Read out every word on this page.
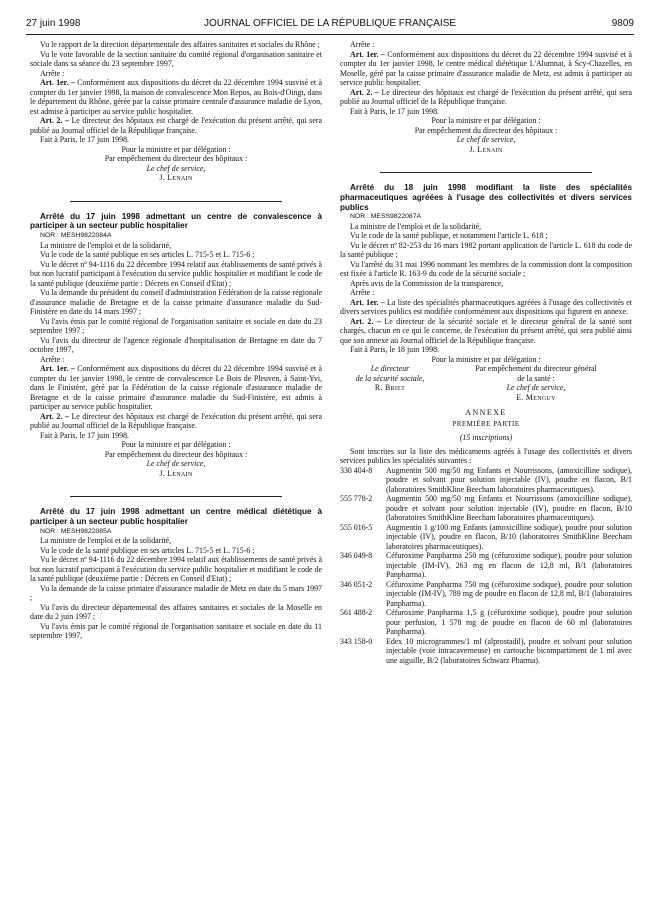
27 juin 1998	JOURNAL OFFICIEL DE LA RÉPUBLIQUE FRANÇAISE	9809

Vu le rapport de la direction départementale des affaires sanitaires et sociales du Rhône ;

Vu le vote favorable de la section sanitaire du comité régional d'organisation sanitaire et sociale dans sa séance du 23 septembre 1997,

Arrête :

Art. 1er. – Conformément aux dispositions du décret du 22 décembre 1994 susvisé et à compter du 1er janvier 1998, la maison de convalescence Mon Repos, au Bois-d'Oingt, dans le département du Rhône, gérée par la caisse primaire centrale d'assurance maladie de Lyon, est admise à participer au service public hospitalier.

Art. 2. – Le directeur des hôpitaux est chargé de l'exécution du présent arrêté, qui sera publié au Journal officiel de la République française.

Fait à Paris, le 17 juin 1998.

Pour la ministre et par délégation :
Par empêchement du directeur des hôpitaux :
Le chef de service,
J. Lenain

Arrêté du 17 juin 1998 admettant un centre de convalescence à participer à un secteur public hospitalier

NOR : MESH9822084A

La ministre de l'emploi et de la solidarité,

Vu le code de la santé publique en ses articles L. 715-5 et L. 715-6 ;

Vu le décret nº 94-1116 du 22 décembre 1994 relatif aux établissements de santé privés à but non lucratif participant à l'exécution du service public hospitalier et modifiant le code de la santé publique (deuxième partie : Décrets en Conseil d'Etat) ;

Vu la demande du président du conseil d'administration Fédération de la caisse régionale d'assurance maladie de Bretagne et de la caisse primaire d'assurance maladie du Sud-Finistère en date du 14 mars 1997 ;

Vu l'avis émis par le comité régional de l'organisation sanitaire et sociale en date du 23 septembre 1997 ;

Vu l'avis du directeur de l'agence régionale d'hospitalisation de Bretagne en date du 7 octobre 1997,

Arrête :

Art. 1er. – Conformément aux dispositions du décret du 22 décembre 1994 susvisé et à compter du 1er janvier 1998, le centre de convalescence Le Bois de Pleuven, à Saint-Yvi, dans le Finistère, géré par la Fédération de la caisse régionale d'assurance maladie de Bretagne et de la caisse primaire d'assurance maladie du Sud-Finistère, est admis à participer au service public hospitalier.

Art. 2. – Le directeur des hôpitaux est chargé de l'exécution du présent arrêté, qui sera publié au Journal officiel de la République française.

Fait à Paris, le 17 juin 1998.

Pour la ministre et par délégation :
Par empêchement du directeur des hôpitaux :
Le chef de service,
J. Lenain

Arrêté du 17 juin 1998 admettant un centre médical diététique à participer à un secteur public hospitalier

NOR : MESH9822085A

La ministre de l'emploi et de la solidarité,

Vu le code de la santé publique en ses articles L. 715-5 et L. 715-6 ;

Vu le décret nº 94-1116 du 22 décembre 1994 relatif aux établissements de santé privés à but non lucratif participant à l'exécution du service public hospitalier et modifiant le code de la santé publique (deuxième partie : Décrets en Conseil d'Etat) ;

Vu la demande de la caisse primaire d'assurance maladie de Metz en date du 5 mars 1997 ;

Vu l'avis du directeur départemental des affaires sanitaires et sociales de la Moselle en date du 2 juin 1997 ;

Vu l'avis émis par le comité régional de l'organisation sanitaire et sociale en date du 11 septembre 1997,

Arrête :

Art. 1er. – Conformément aux dispositions du décret du 22 décembre 1994 susvisé et à compter du 1er janvier 1998, le centre médical diététique L'Alumnat, à Scy-Chazelles, en Moselle, géré par la caisse primaire d'assurance maladie de Metz, est admis à participer au service public hospitalier.

Art. 2. – Le directeur des hôpitaux est chargé de l'exécution du présent arrêté, qui sera publié au Journal officiel de la République française.

Fait à Paris, le 17 juin 1998.

Pour la ministre et par délégation :
Par empêchement du directeur des hôpitaux :
Le chef de service,
J. Lenain

Arrêté du 18 juin 1998 modifiant la liste des spécialités pharmaceutiques agréées à l'usage des collectivités et divers services publics

NOR : MESS9822087A

La ministre de l'emploi et de la solidarité,

Vu le code de la santé publique, et notamment l'article L. 618 ;

Vu le décret nº 82-253 du 16 mars 1982 portant application de l'article L. 618 du code de la santé publique ;

Vu l'arrêté du 31 mai 1996 nommant les membres de la commission dont la composition est fixée à l'article R. 163-9 du code de la sécurité sociale ;

Après avis de la Commission de la transparence,

Arrête :

Art. 1er. – La liste des spécialités pharmaceutiques agréées à l'usage des collectivités et divers services publics est modifiée conformément aux dispositions qui figurent en annexe.

Art. 2. – Le directeur de la sécurité sociale et le directeur général de la santé sont chargés, chacun en ce qui le concerne, de l'exécution du présent arrêté, qui sera publié ainsi que son annexe au Journal officiel de la République française.

Fait à Paris, le 18 juin 1998.

Pour la ministre et par délégation :
Le directeur
de la sécurité sociale,
R. Briet
Par empêchement du directeur général
de la santé :
Le chef de service,
E. Menguy
ANNEXE
PREMIÈRE PARTIE
(15 inscriptions)

Sont inscrites sur la liste des médicaments agréés à l'usage des collectivités et divers services publics les spécialités suivantes :

330 404-8	Augmentin 500 mg/50 mg Enfants et Nourrissons, (amoxicilline sodique), poudre et solvant pour solution injectable (IV), poudre en flacon, B/1 (laboratoires SmithKline Beecham laboratoires pharmaceutiques).
555 778-2	Augmentin 500 mg/50 mg Enfants et Nourrissons (amoxicilline sodique), poudre et solvant pour solution injectable (IV), poudre en flacon, B/10 (laboratoires SmithKline Beecham laboratoires pharmaceutiques).
555 016-5	Augmentin 1 g/100 mg Enfants (amoxicilline sodique), poudre pour solution injectable (IV), poudre en flacon, B/10 (laboratoires SmithKline Beecham laboratoires pharmaceutiques).
346 049-8	Céfuroxime Panpharma 250 mg (céfuroxime sodique), poudre pour solution injectable (IM-IV), 263 mg en flacon de 12,8 ml, B/1 (laboratoires Panpharma).
346 051-2	Céfuroxime Panpharma 750 mg (céfuroxime sodique), poudre pour solution injectable (IM-IV), 789 mg de poudre en flacon de 12,8 ml, B/1 (laboratoires Panpharma).
561 488-2	Céfuroxime Panpharma 1,5 g (céfuroxime sodique), poudre pour solution pour perfusion, 1 578 mg de poudre en flacon de 60 ml (laboratoires Panpharma).
343 158-0	Edex 10 microgrammes/1 ml (alprostadil), poudre et solvant pour solution injectable (voie intracaverneuse) en cartouche bicompartiment de 1 ml avec une aiguille, B/2 (laboratoires Schwarz Pharma).
